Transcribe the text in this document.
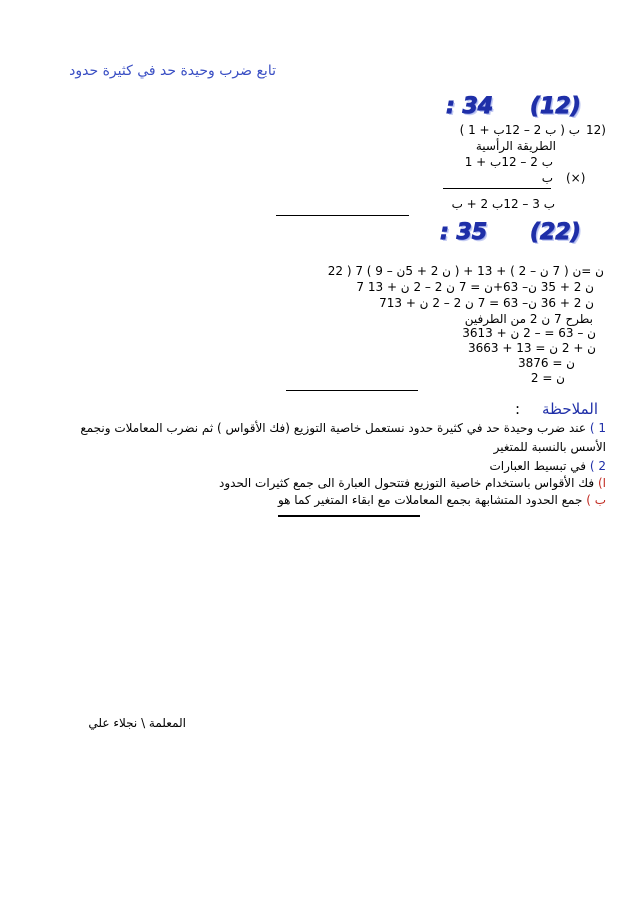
تابع ضرب وحيدة حد في كثيرة حدود
(12)
: 34
ب ( ب 2 – 12ب + 1 ) 12)
الطريقة الرأسية
ب 2 – 12ب + 1
ب (×)
ب 3 – 12ب 2 + ب
(22)
: 35
22 ) 7 ( ن 2 + 5ن – 9 ) + ن =ن ( 7 ن – 2 ) + 13
7 ن 2 + 35 ن– 63+ن = 7 ن 2 – 2 ن + 13
7ن 2 + 36 ن– 63 = 7 ن 2 – 2 ن + 13
بطرح 7 ن 2 من الطرفين
36ن – 63 = – 2 ن + 13
36ن + 2 ن = 13 + 63
38ن = 76
ن = 2
الملاحظة
:
1 ) عند ضرب وحيدة حد في كثيرة حدود نستعمل خاصية التوزيع (فك الأقواس ) ثم نضرب المعاملات ونجمع
الأسس بالنسبة للمتغير
2 ) في تبسيط العبارات
ا) فك الأقواس باستخدام خاصية التوزيع فتتحول العبارة الى جمع كثيرات الحدود
ب ) جمع الحدود المتشابهة بجمع المعاملات مع ابقاء المتغير كما هو
المعلمة \ نجلاء علي
